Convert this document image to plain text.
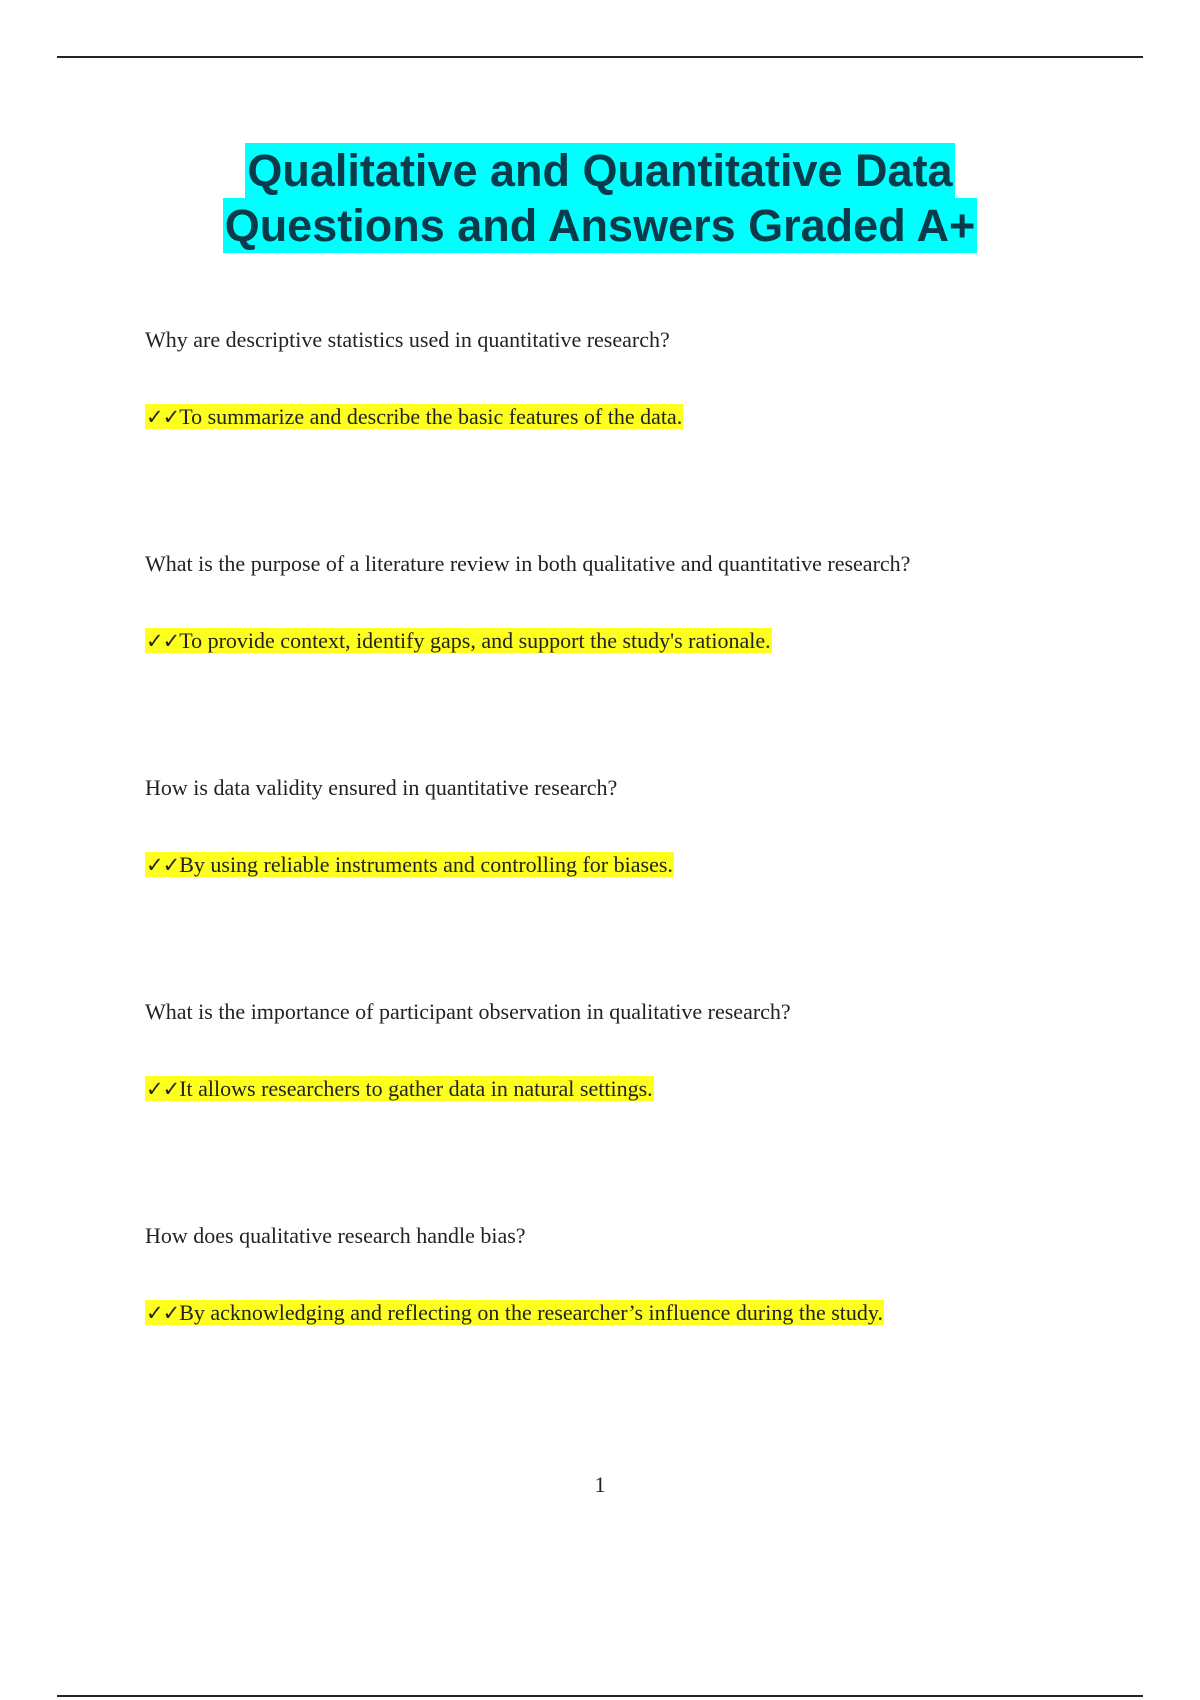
Qualitative and Quantitative Data
Questions and Answers Graded A+

Why are descriptive statistics used in quantitative research?

✓✓To summarize and describe the basic features of the data.

What is the purpose of a literature review in both qualitative and quantitative research?

✓✓To provide context, identify gaps, and support the study's rationale.

How is data validity ensured in quantitative research?

✓✓By using reliable instruments and controlling for biases.

What is the importance of participant observation in qualitative research?

✓✓It allows researchers to gather data in natural settings.

How does qualitative research handle bias?

✓✓By acknowledging and reflecting on the researcher’s influence during the study.
1
